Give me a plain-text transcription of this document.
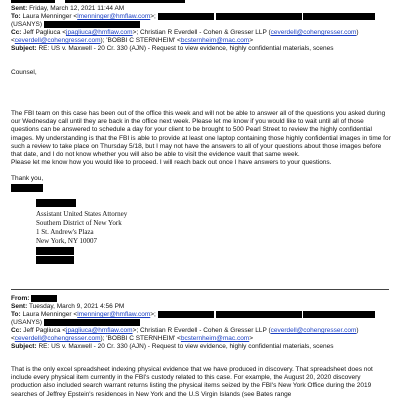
Sent: Friday, March 12, 2021 11:44 AM
To: Laura Menninger <lmenninger@hmflaw.com>;
(USANYS)
Cc: Jeff Pagliuca <jpagliuca@hmflaw.com>; Christian R Everdell - Cohen & Gresser LLP (ceverdell@cohengresser.com)
<ceverdell@cohengresser.com); 'BOBBI C STERNHEIM' <bcsternheim@mac.com>
Subject: RE: US v. Maxwell - 20 Cr. 330 (AJN) - Request to view evidence, highly confidential materials, scenes
Counsel,
The FBI team on this case has been out of the office this week and will not be able to answer all of the questions you asked during our Wednesday call until they are back in the office next week. Please let me know if you would like to wait until all of those questions can be answered to schedule a day for your client to be brought to 500 Pearl Street to review the highly confidential images. My understanding is that the FBI is able to provide at least one laptop containing those highly confidential images in time for such a review to take place on Thursday 5/18, but I may not have the answers to all of your questions about those images before that date, and I do not know whether you will also be able to visit the evidence vault that same week.
Please let me know how you would like to proceed. I will reach back out once I have answers to your questions.
Thank you,
Assistant United States Attorney
Southern District of New York
1 St. Andrew's Plaza
New York, NY 10007
From:
Sent: Tuesday, March 9, 2021 4:56 PM
To: Laura Menninger <lmenninger@hmflaw.com>;
(USANYS)
Cc: Jeff Pagliuca <jpagliuca@hmflaw.com>; Christian R Everdell - Cohen & Gresser LLP (ceverdell@cohengresser.com)
<ceverdell@cohengresser.com); 'BOBBI C STERNHEIM' <bcsternheim@mac.com>
Subject: RE: US v. Maxwell - 20 Cr. 330 (AJN) - Request to view evidence, highly confidential materials, scenes
That is the only excel spreadsheet indexing physical evidence that we have produced in discovery. That spreadsheet does not include every physical item currently in the FBI's custody related to this case. For example, the August 20, 2020 discovery production also included search warrant returns listing the physical items seized by the FBI's New York Office during the 2019 searches of Jeffrey Epstein's residences in New York and the U.S Virgin Islands (see Bates range
